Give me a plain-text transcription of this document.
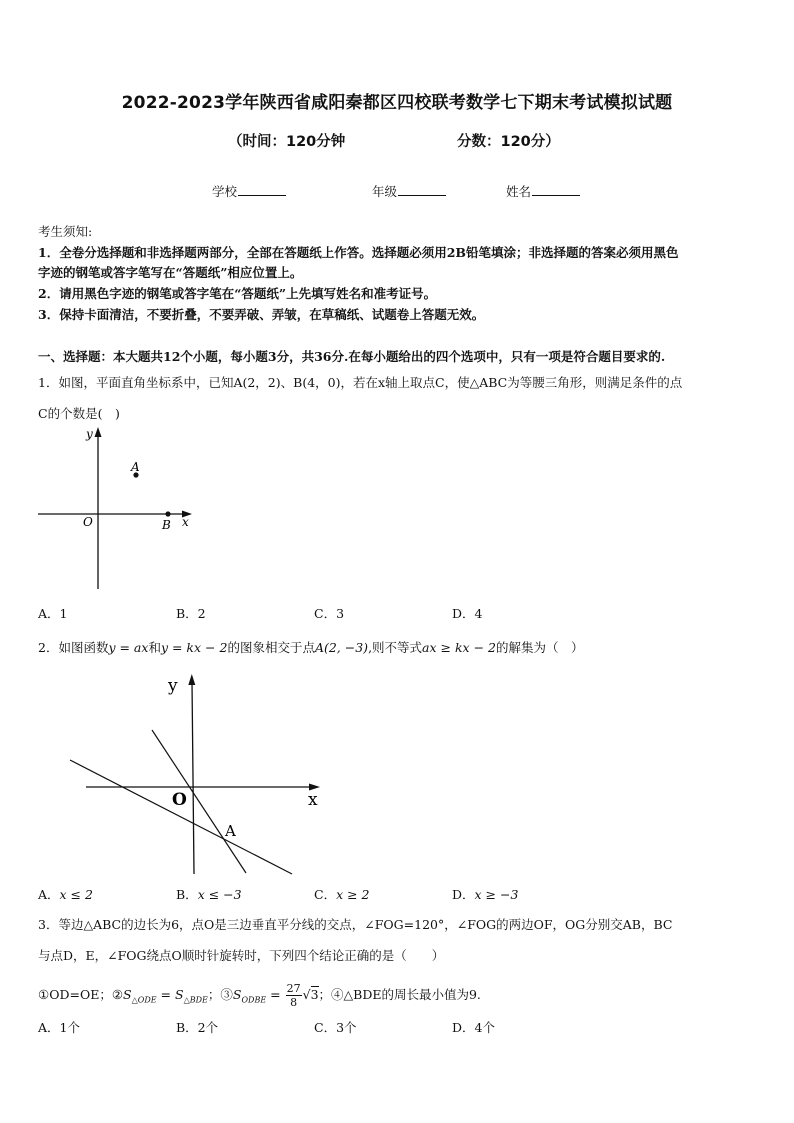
2022-2023学年陕西省咸阳秦都区四校联考数学七下期末考试模拟试题
（时间：120分钟	分数：120分）
学校	年级	姓名
考生须知:
1．全卷分选择题和非选择题两部分，全部在答题纸上作答。选择题必须用2B铅笔填涂；非选择题的答案必须用黑色
字迹的钢笔或答字笔写在“答题纸”相应位置上。
2．请用黑色字迹的钢笔或答字笔在“答题纸”上先填写姓名和准考证号。
3．保持卡面清洁，不要折叠，不要弄破、弄皱，在草稿纸、试题卷上答题无效。
一、选择题：本大题共12个小题，每小题3分，共36分.在每小题给出的四个选项中，只有一项是符合题目要求的.
1．如图，平面直角坐标系中，已知A(2，2)、B(4，0)，若在x轴上取点C，使△ABC为等腰三角形，则满足条件的点
C的个数是(　)
y
x
O
A
B
A．1	B．2	C．3	D．4
2．如图函数y = ax和y = kx − 2的图象相交于点A(2, −3),则不等式ax ≥ kx − 2的解集为（　）
y
x
O
A
A．x ≤ 2	B．x ≤ −3	C．x ≥ 2	D．x ≥ −3
3．等边△ABC的边长为6，点O是三边垂直平分线的交点，∠FOG=120°，∠FOG的两边OF，OG分别交AB，BC
与点D，E，∠FOG绕点O顺时针旋转时，下列四个结论正确的是（　　）
①OD=OE；$②S_{\triangle ODE} = S_{\triangle BDE}$；$③S_{ODBE} = \frac{27}{8} √3$；④△BDE的周长最小值为9.
A．1个	B．2个	C．3个	D．4个
